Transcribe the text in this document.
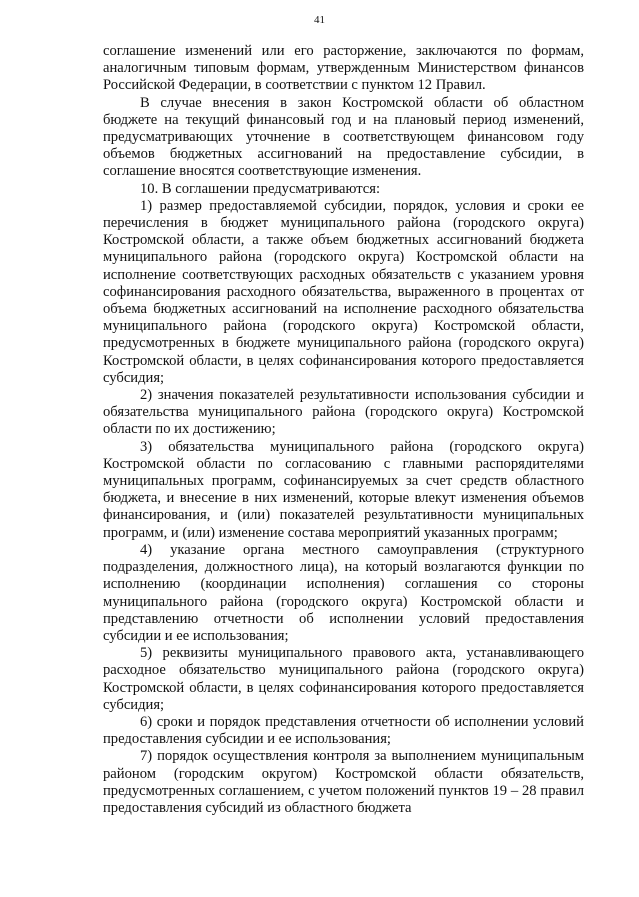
41

соглашение изменений или его расторжение, заключаются по формам, аналогичным типовым формам, утвержденным Министерством финансов Российской Федерации, в соответствии с пунктом 12 Правил.

В случае внесения в закон Костромской области об областном бюджете на текущий финансовый год и на плановый период изменений, предусматривающих уточнение в соответствующем финансовом году объемов бюджетных ассигнований на предоставление субсидии, в соглашение вносятся соответствующие изменения.

10. В соглашении предусматриваются:

1) размер предоставляемой субсидии, порядок, условия и сроки ее перечисления в бюджет муниципального района (городского округа) Костромской области, а также объем бюджетных ассигнований бюджета муниципального района (городского округа) Костромской области на исполнение соответствующих расходных обязательств с указанием уровня софинансирования расходного обязательства, выраженного в процентах от объема бюджетных ассигнований на исполнение расходного обязательства муниципального района (городского округа) Костромской области, предусмотренных в бюджете муниципального района (городского округа) Костромской области, в целях софинансирования которого предоставляется субсидия;

2) значения показателей результативности использования субсидии и обязательства муниципального района (городского округа) Костромской области по их достижению;

3) обязательства муниципального района (городского округа) Костромской области по согласованию с главными распорядителями муниципальных программ, софинансируемых за счет средств областного бюджета, и внесение в них изменений, которые влекут изменения объемов финансирования, и (или) показателей результативности муниципальных программ, и (или) изменение состава мероприятий указанных программ;

4) указание органа местного самоуправления (структурного подразделения, должностного лица), на который возлагаются функции по исполнению (координации исполнения) соглашения со стороны муниципального района (городского округа) Костромской области и представлению отчетности об исполнении условий предоставления субсидии и ее использования;

5) реквизиты муниципального правового акта, устанавливающего расходное обязательство муниципального района (городского округа) Костромской области, в целях софинансирования которого предоставляется субсидия;

6) сроки и порядок представления отчетности об исполнении условий предоставления субсидии и ее использования;

7) порядок осуществления контроля за выполнением муниципальным районом (городским округом) Костромской области обязательств, предусмотренных соглашением, с учетом положений пунктов 19 – 28 правил предоставления субсидий из областного бюджета
